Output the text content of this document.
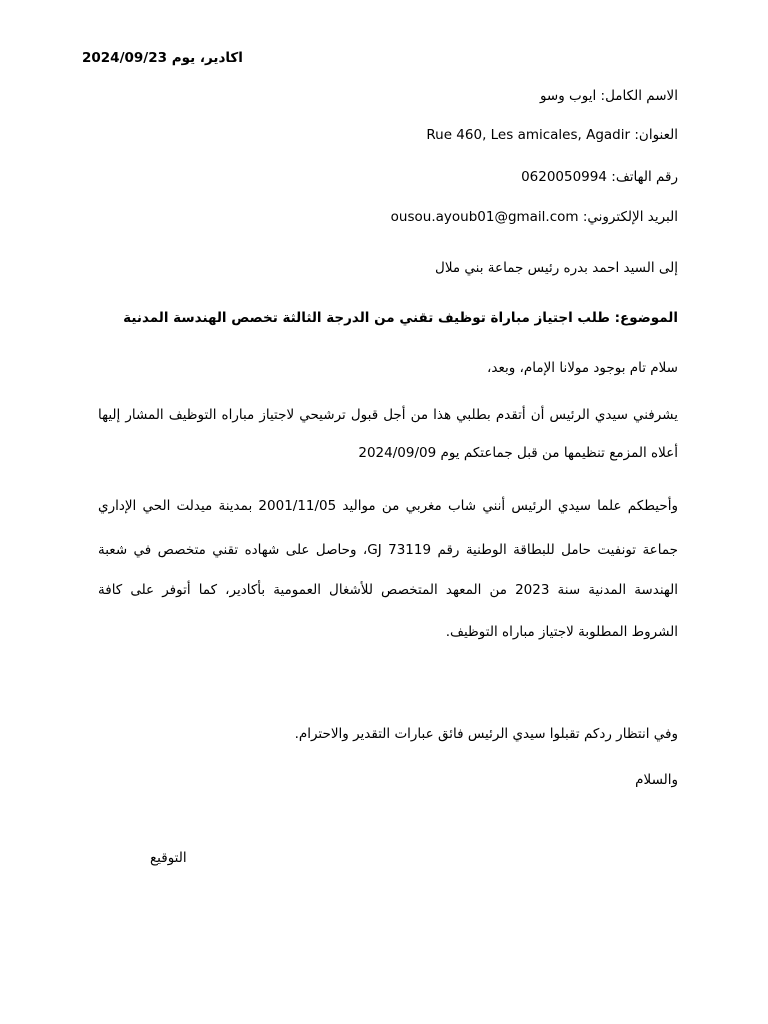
اكادير، يوم 2024/09/23
الاسم الكامل: ايوب وسو
العنوان: Rue 460, Les amicales, Agadir
رقم الهاتف: 0620050994
البريد الإلكتروني: ousou.ayoub01@gmail.com
إلى السيد احمد بدره رئيس جماعة بني ملال
الموضوع: طلب اجتياز مباراة توظيف تقني من الدرجة الثالثة تخصص الهندسة المدنية
سلام تام بوجود مولانا الإمام، وبعد،
يشرفني سيدي الرئيس أن أتقدم بطلبي هذا من أجل قبول ترشيحي لاجتياز مباراه التوظيف المشار إليها
أعلاه المزمع تنظيمها من قبل جماعتكم يوم 2024/09/09
وأحيطكم علما سيدي الرئيس أنني شاب مغربي من مواليد 2001/11/05 بمدينة ميدلت الحي الإداري
جماعة تونفيت حامل للبطاقة الوطنية رقم GJ 73119، وحاصل على شهاده تقني متخصص في شعبة
الهندسة المدنية سنة 2023 من المعهد المتخصص للأشغال العمومية بأكادير، كما أتوفر على كافة
الشروط المطلوبة لاجتياز مباراه التوظيف.
وفي انتظار ردكم تقبلوا سيدي الرئيس فائق عبارات التقدير والاحترام.
والسلام
التوقيع
